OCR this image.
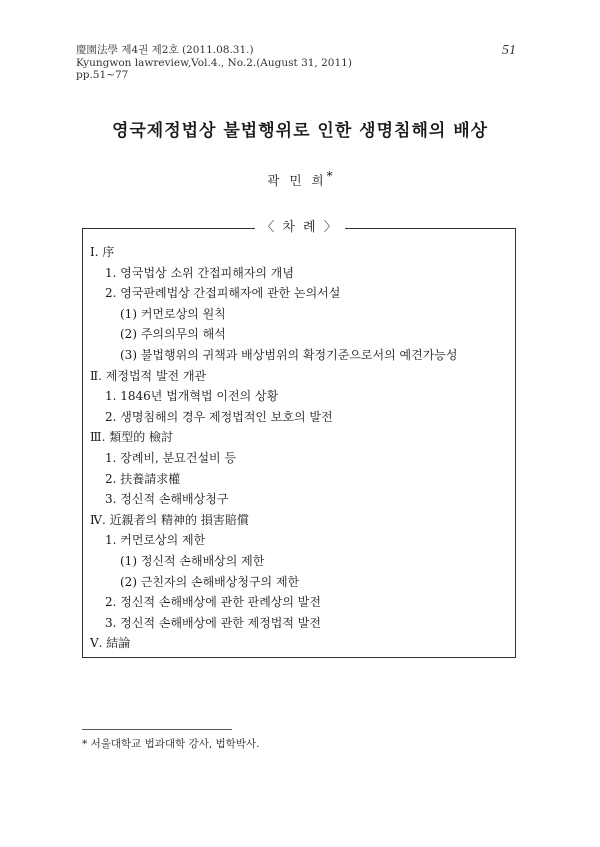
慶園法學 제4권 제2호 (2011.08.31.)
Kyungwon lawreview,Vol.4., No.2.(August 31, 2011)
pp.51~77
51
영국제정법상 불법행위로 인한 생명침해의 배상
곽 민 희*
〈 차 례 〉
Ⅰ. 序
1. 영국법상 소위 간접피해자의 개념
2. 영국판례법상 간접피해자에 관한 논의서설
(1) 커먼로상의 원칙
(2) 주의의무의 해석
(3) 불법행위의 귀책과 배상범위의 확정기준으로서의 예견가능성
Ⅱ. 제정법적 발전 개관
1. 1846년 법개혁법 이전의 상황
2. 생명침해의 경우 제정법적인 보호의 발전
Ⅲ. 類型的 檢討
1. 장례비, 분묘건설비 등
2. 扶養請求權
3. 정신적 손해배상청구
Ⅳ. 近親者의 精神的 損害賠償
1. 커먼로상의 제한
(1) 정신적 손해배상의 제한
(2) 근친자의 손해배상청구의 제한
2. 정신적 손해배상에 관한 판례상의 발전
3. 정신적 손해배상에 관한 제정법적 발전
Ⅴ. 結論
* 서울대학교 법과대학 강사, 법학박사.
